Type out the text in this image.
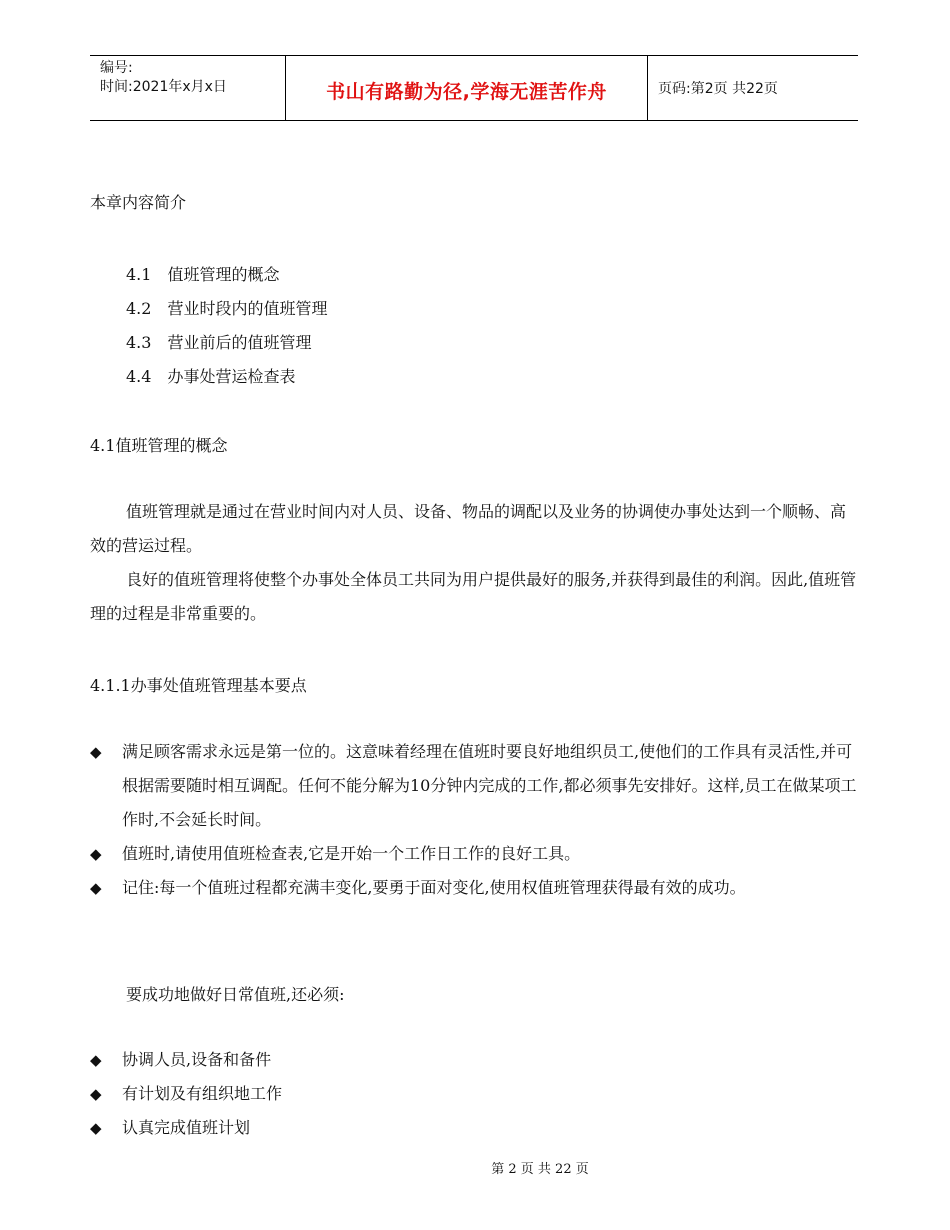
编号:
时间:2021年x月x日	书山有路勤为径,学海无涯苦作舟	页码:第2页 共22页
本章内容简介
4.1　值班管理的概念
4.2　营业时段内的值班管理
4.3　营业前后的值班管理
4.4　办事处营运检查表
4.1值班管理的概念
值班管理就是通过在营业时间内对人员、设备、物品的调配以及业务的协调使办事处达到一个顺畅、高效的营运过程。
良好的值班管理将使整个办事处全体员工共同为用户提供最好的服务,并获得到最佳的利润。因此,值班管理的过程是非常重要的。
4.1.1办事处值班管理基本要点
◆	满足顾客需求永远是第一位的。这意味着经理在值班时要良好地组织员工,使他们的工作具有灵活性,并可根据需要随时相互调配。任何不能分解为10分钟内完成的工作,都必须事先安排好。这样,员工在做某项工作时,不会延长时间。
◆	值班时,请使用值班检查表,它是开始一个工作日工作的良好工具。
◆	记住:每一个值班过程都充满丰变化,要勇于面对变化,使用权值班管理获得最有效的成功。
要成功地做好日常值班,还必须:
◆	协调人员,设备和备件
◆	有计划及有组织地工作
◆	认真完成值班计划
第 2 页 共 22 页
